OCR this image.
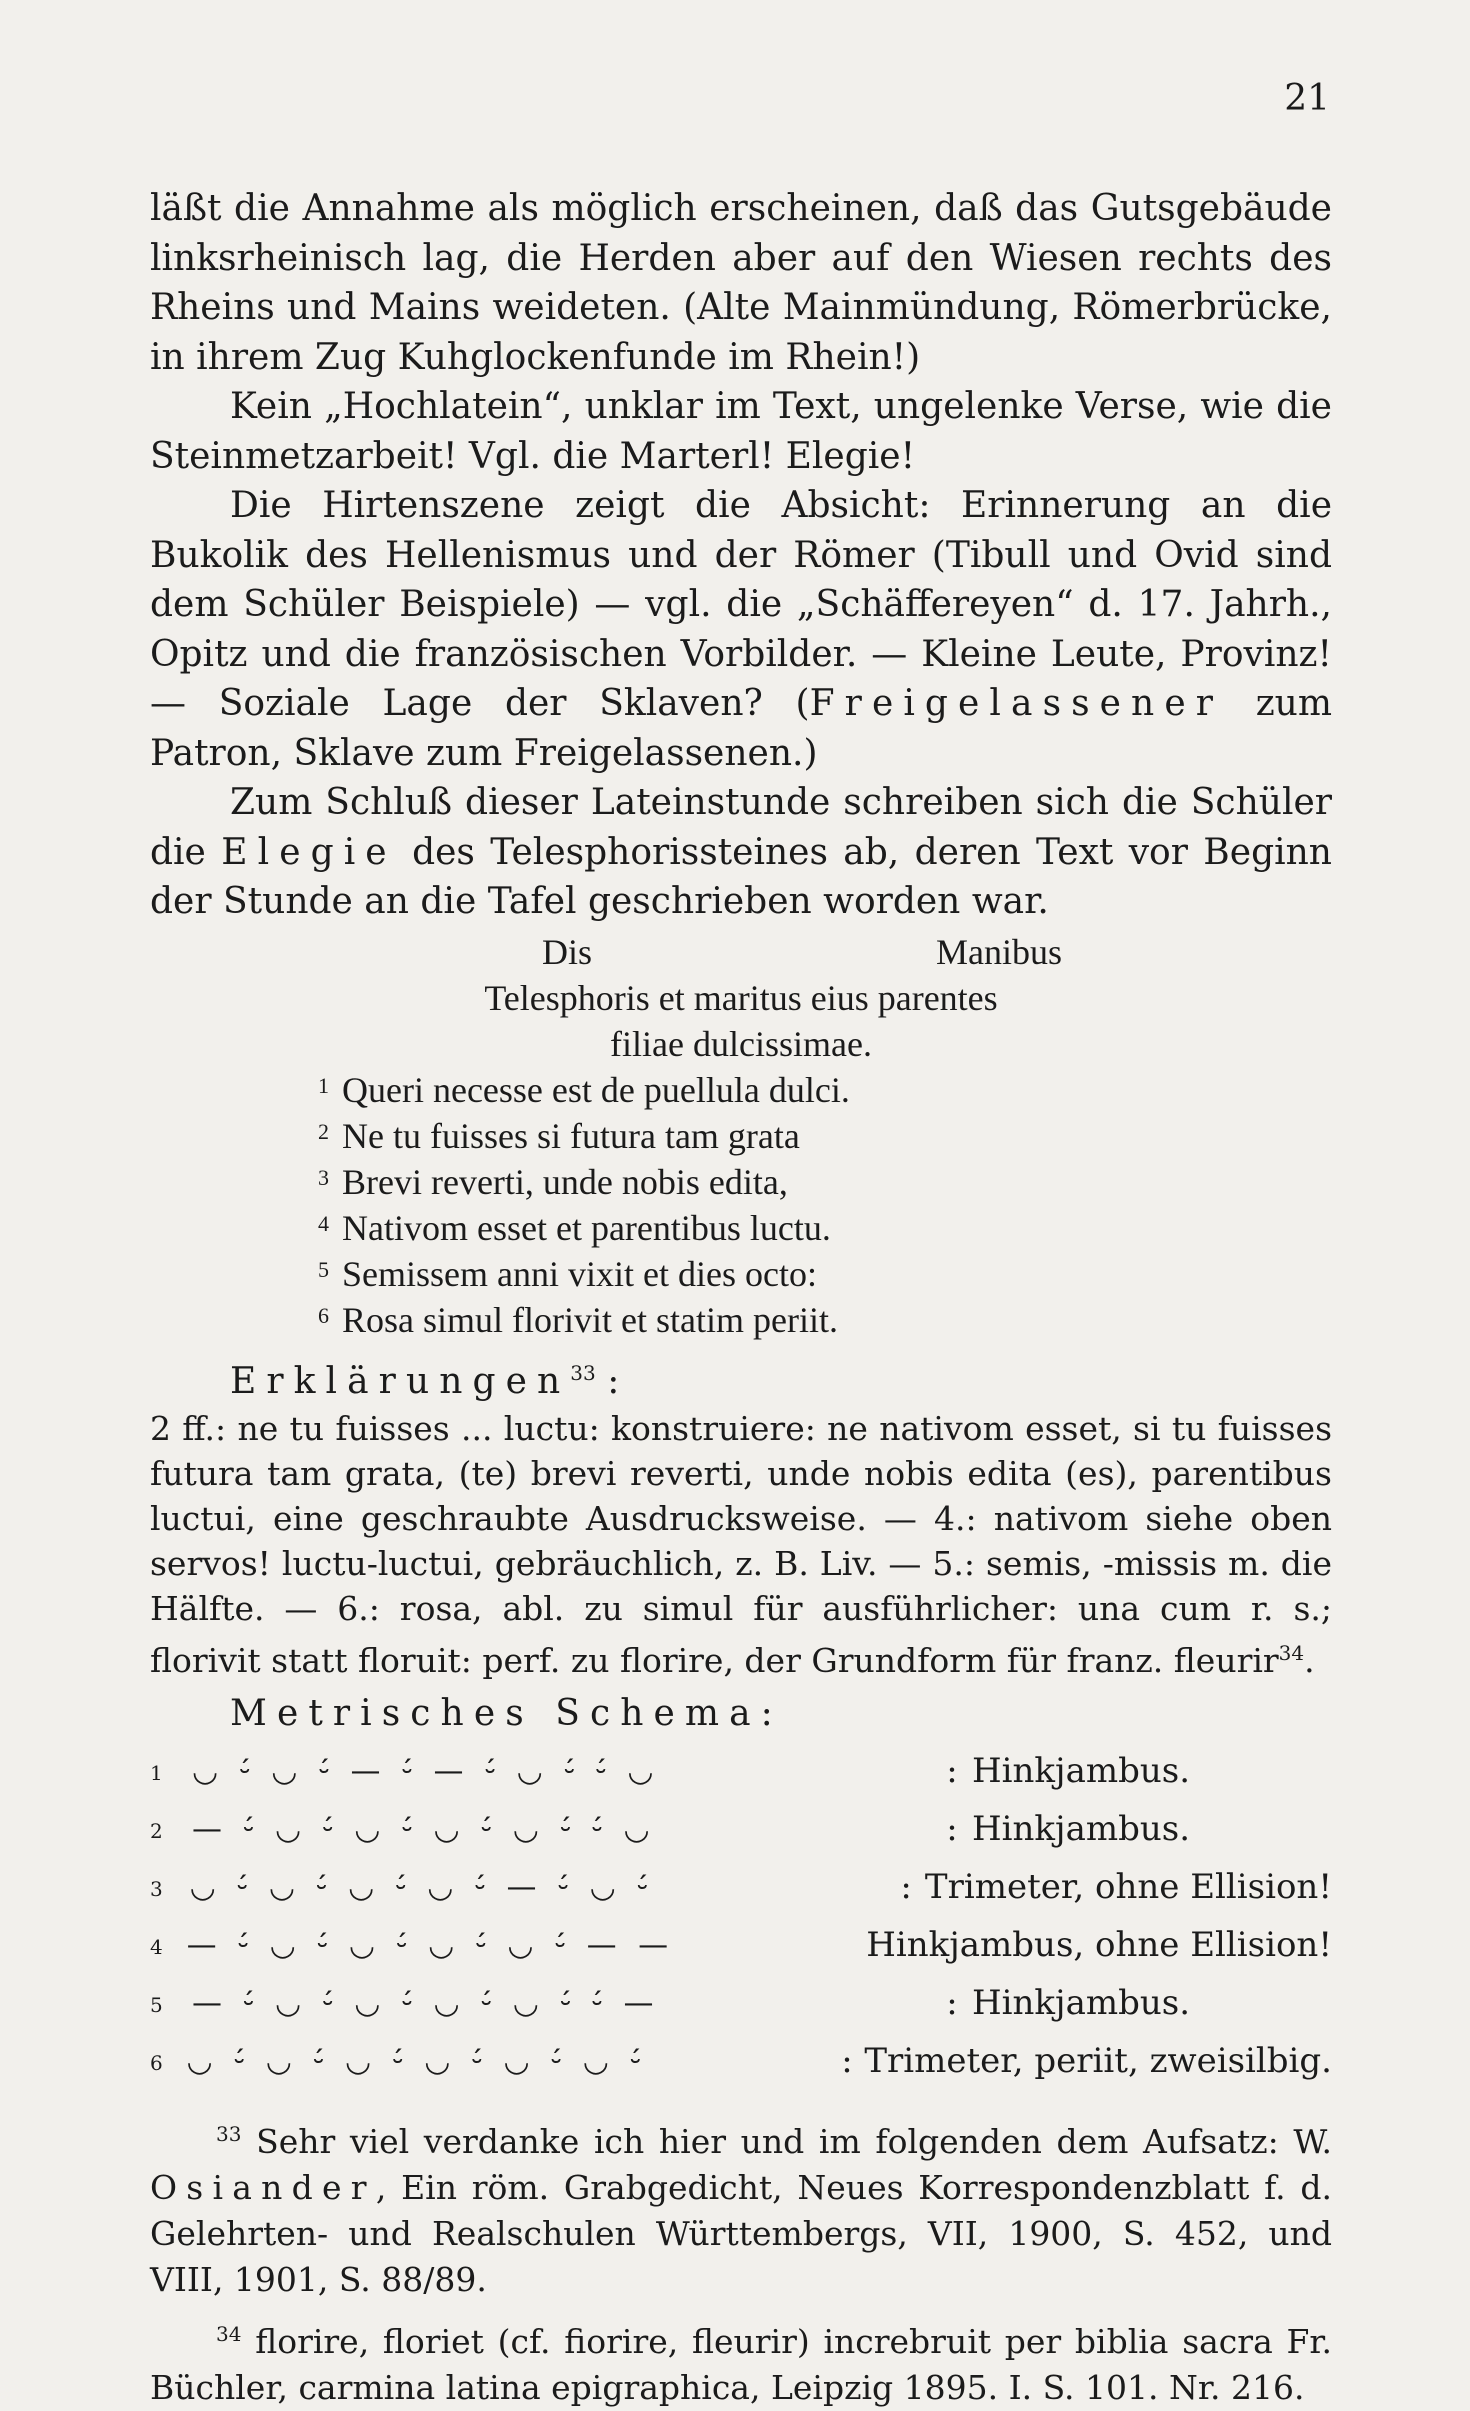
21

läßt die Annahme als möglich erscheinen, daß das Gutsgebäude linksrheinisch lag, die Herden aber auf den Wiesen rechts des Rheins und Mains weideten. (Alte Mainmündung, Römerbrücke, in ihrem Zug Kuhglockenfunde im Rhein!)

Kein „Hochlatein“, unklar im Text, ungelenke Verse, wie die Steinmetzarbeit! Vgl. die Marterl! Elegie!

Die Hirtenszene zeigt die Absicht: Erinnerung an die Bukolik des Hellenismus und der Römer (Tibull und Ovid sind dem Schüler Beispiele) — vgl. die „Schäffereyen“ d. 17. Jahrh., Opitz und die französischen Vorbilder. — Kleine Leute, Provinz! — Soziale Lage der Sklaven? (Freigelassener zum Patron, Sklave zum Freigelassenen.)

Zum Schluß dieser Lateinstunde schreiben sich die Schüler die Elegie des Telesphorissteines ab, deren Text vor Beginn der Stunde an die Tafel geschrieben worden war.

Dis	Manibus
Telesphoris et maritus eius parentes
filiae dulcissimae.
1 Queri necesse est de puellula dulci.
2 Ne tu fuisses si futura tam grata
3 Brevi reverti, unde nobis edita,
4 Nativom esset et parentibus luctu.
5 Semissem anni vixit et dies octo:
6 Rosa simul florivit et statim periit.
Erklärungen$^{33}$ :

2 ff.: ne tu fuisses ... luctu: konstruiere: ne nativom esset, si tu fuisses futura tam grata, (te) brevi reverti, unde nobis edita (es), parentibus luctui, eine geschraubte Ausdrucksweise. — 4.: nativom siehe oben servos! luctu-luctui, gebräuchlich, z. B. Liv. — 5.: semis, -missis m. die Hälfte. — 6.: rosa, abl. zu simul für ausführlicher: una cum r. s.; florivit statt floruit: perf. zu florire, der Grundform für franz. fleurir$^{34}$.

Metrisches Schema:
1 ◡ ⏑́ ◡ ⏑́ — ⏑́ — ⏑́ ◡ ⏑́ ⏑́ ◡	: Hinkjambus.
2 — ⏑́ ◡ ⏑́ ◡ ⏑́ ◡ ⏑́ ◡ ⏑́ ⏑́ ◡	: Hinkjambus.
3 ◡ ⏑́ ◡ ⏑́ ◡ ⏑́ ◡ ⏑́ — ⏑́ ◡ ⏑́	: Trimeter, ohne Ellision!
4 — ⏑́ ◡ ⏑́ ◡ ⏑́ ◡ ⏑́ ◡ ⏑́ — —	Hinkjambus, ohne Ellision!
5 — ⏑́ ◡ ⏑́ ◡ ⏑́ ◡ ⏑́ ◡ ⏑́ ⏑́ —	: Hinkjambus.
6 ◡ ⏑́ ◡ ⏑́ ◡ ⏑́ ◡ ⏑́ ◡ ⏑́ ◡ ⏑́	: Trimeter, periit, zweisilbig.

$^{33}$ Sehr viel verdanke ich hier und im folgenden dem Aufsatz: W. Osiander, Ein röm. Grabgedicht, Neues Korrespondenzblatt f. d. Gelehrten- und Realschulen Württembergs, VII, 1900, S. 452, und VIII, 1901, S. 88/89.

$^{34}$ florire, floriet (cf. fiorire, fleurir) increbruit per biblia sacra Fr. Büchler, carmina latina epigraphica, Leipzig 1895. I. S. 101. Nr. 216.
